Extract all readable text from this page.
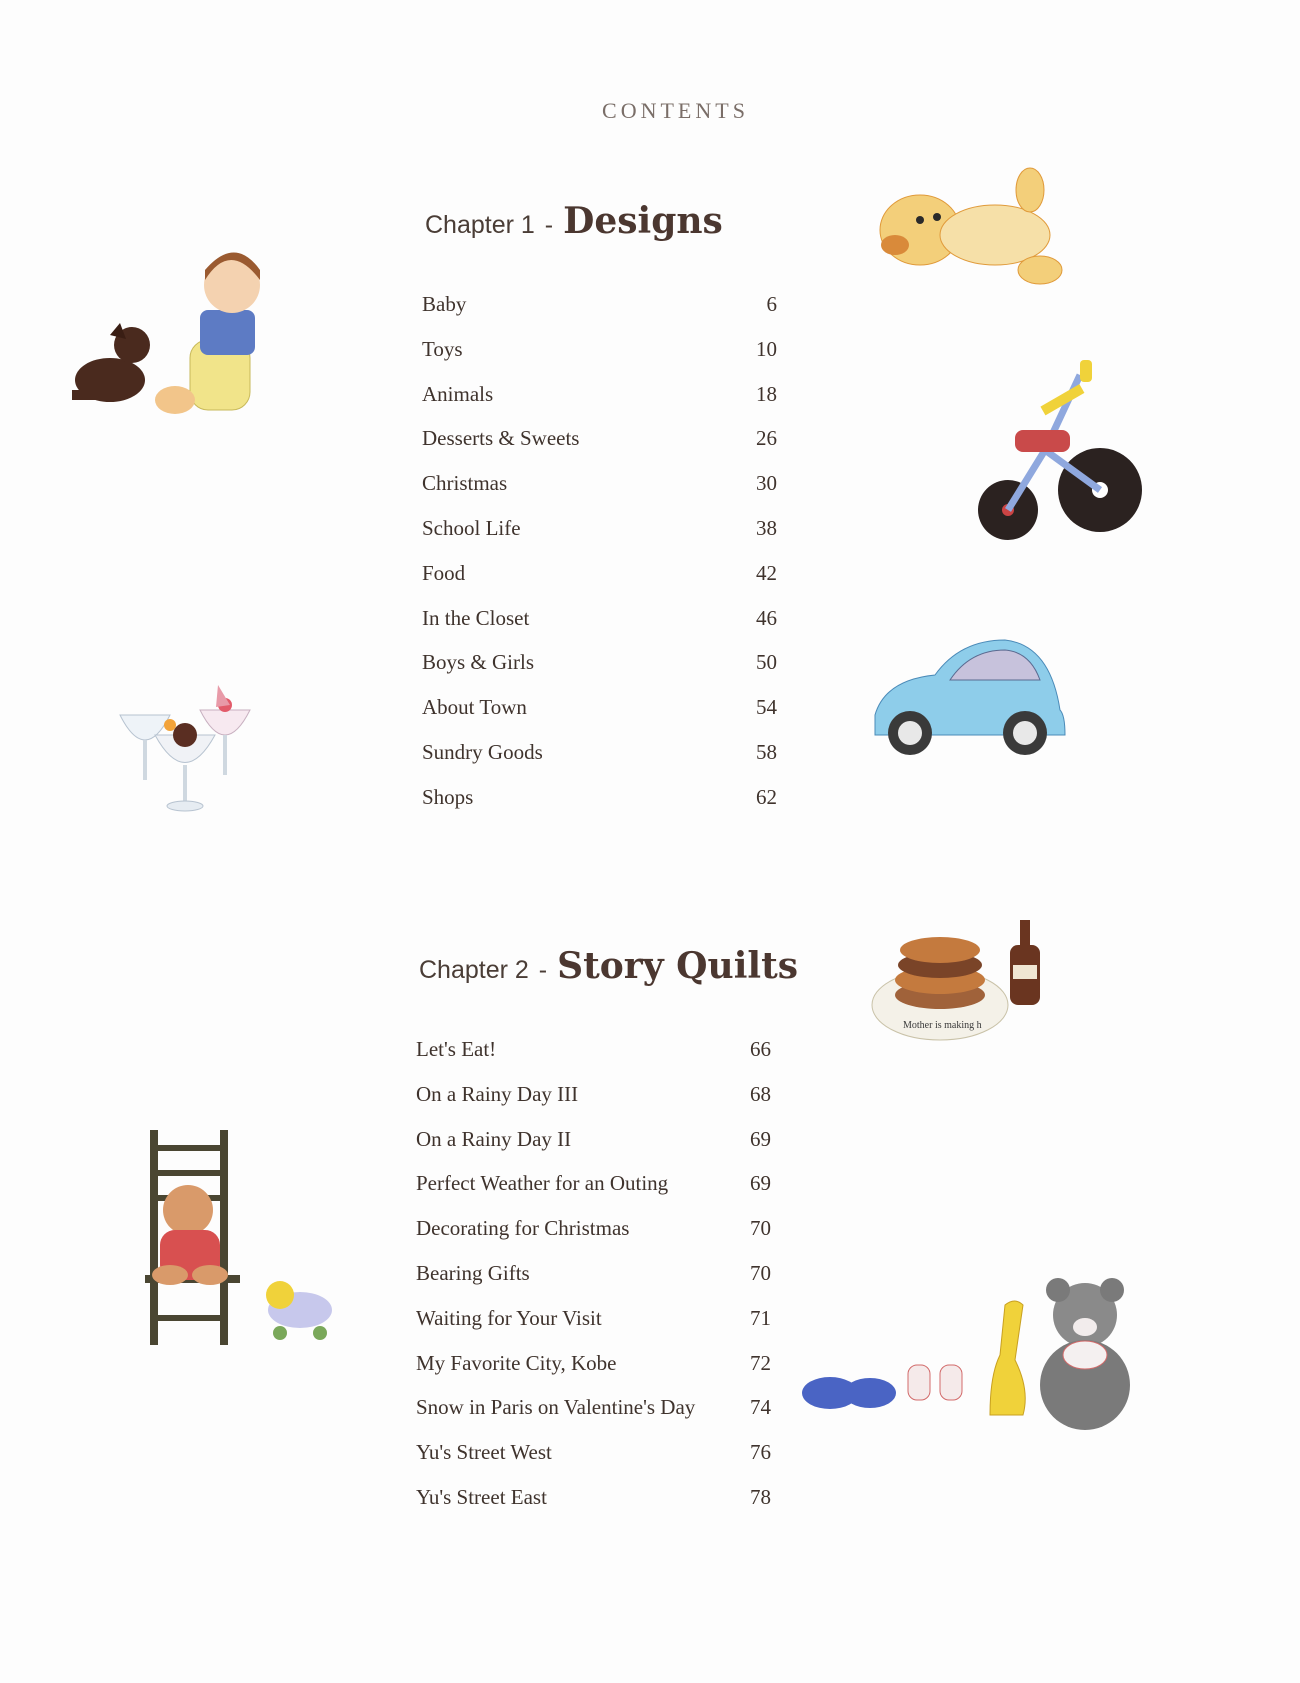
CONTENTS
Chapter 1 - Designs
Baby	6
Toys	10
Animals	18
Desserts & Sweets	26
Christmas	30
School Life	38
Food	42
In the Closet	46
Boys & Girls	50
About Town	54
Sundry Goods	58
Shops	62
Chapter 2 - Story Quilts
Let's Eat!	66
On a Rainy Day III	68
On a Rainy Day II	69
Perfect Weather for an Outing	69
Decorating for Christmas	70
Bearing Gifts	70
Waiting for Your Visit	71
My Favorite City, Kobe	72
Snow in Paris on Valentine's Day	74
Yu's Street West	76
Yu's Street East	78
Mother is making h
